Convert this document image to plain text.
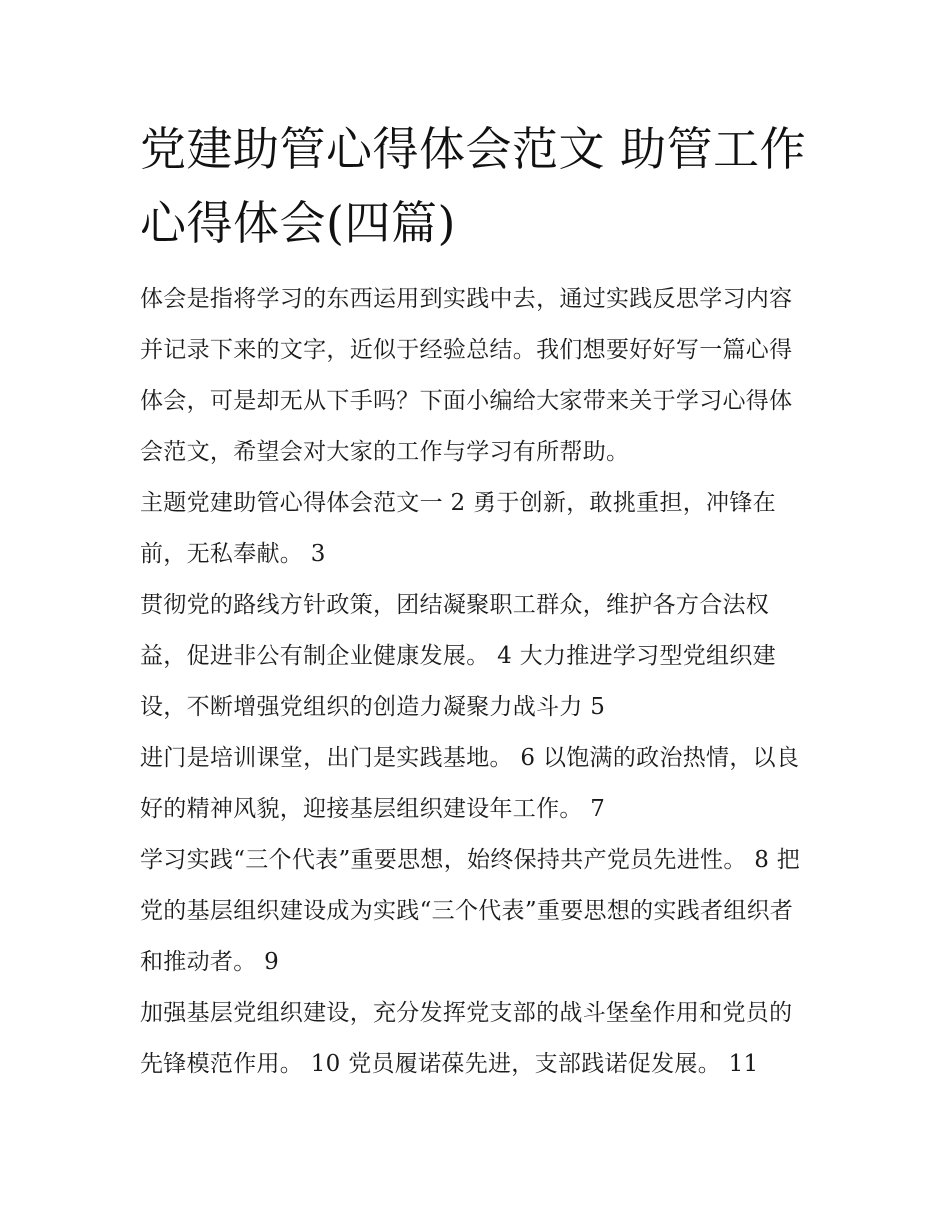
党建助管心得体会范文 助管工作心得体会(四篇)

体会是指将学习的东西运用到实践中去，通过实践反思学习内容并记录下来的文字，近似于经验总结。我们想要好好写一篇心得体会，可是却无从下手吗？下面小编给大家带来关于学习心得体会范文，希望会对大家的工作与学习有所帮助。

主题党建助管心得体会范文一 2 勇于创新，敢挑重担，冲锋在前，无私奉献。 3

贯彻党的路线方针政策，团结凝聚职工群众，维护各方合法权益，促进非公有制企业健康发展。 4 大力推进学习型党组织建设，不断增强党组织的创造力凝聚力战斗力 5

进门是培训课堂，出门是实践基地。 6 以饱满的政治热情，以良好的精神风貌，迎接基层组织建设年工作。 7

学习实践“三个代表”重要思想，始终保持共产党员先进性。 8 把党的基层组织建设成为实践“三个代表”重要思想的实践者组织者和推动者。 9

加强基层党组织建设，充分发挥党支部的战斗堡垒作用和党员的先锋模范作用。 10 党员履诺葆先进，支部践诺促发展。 11
